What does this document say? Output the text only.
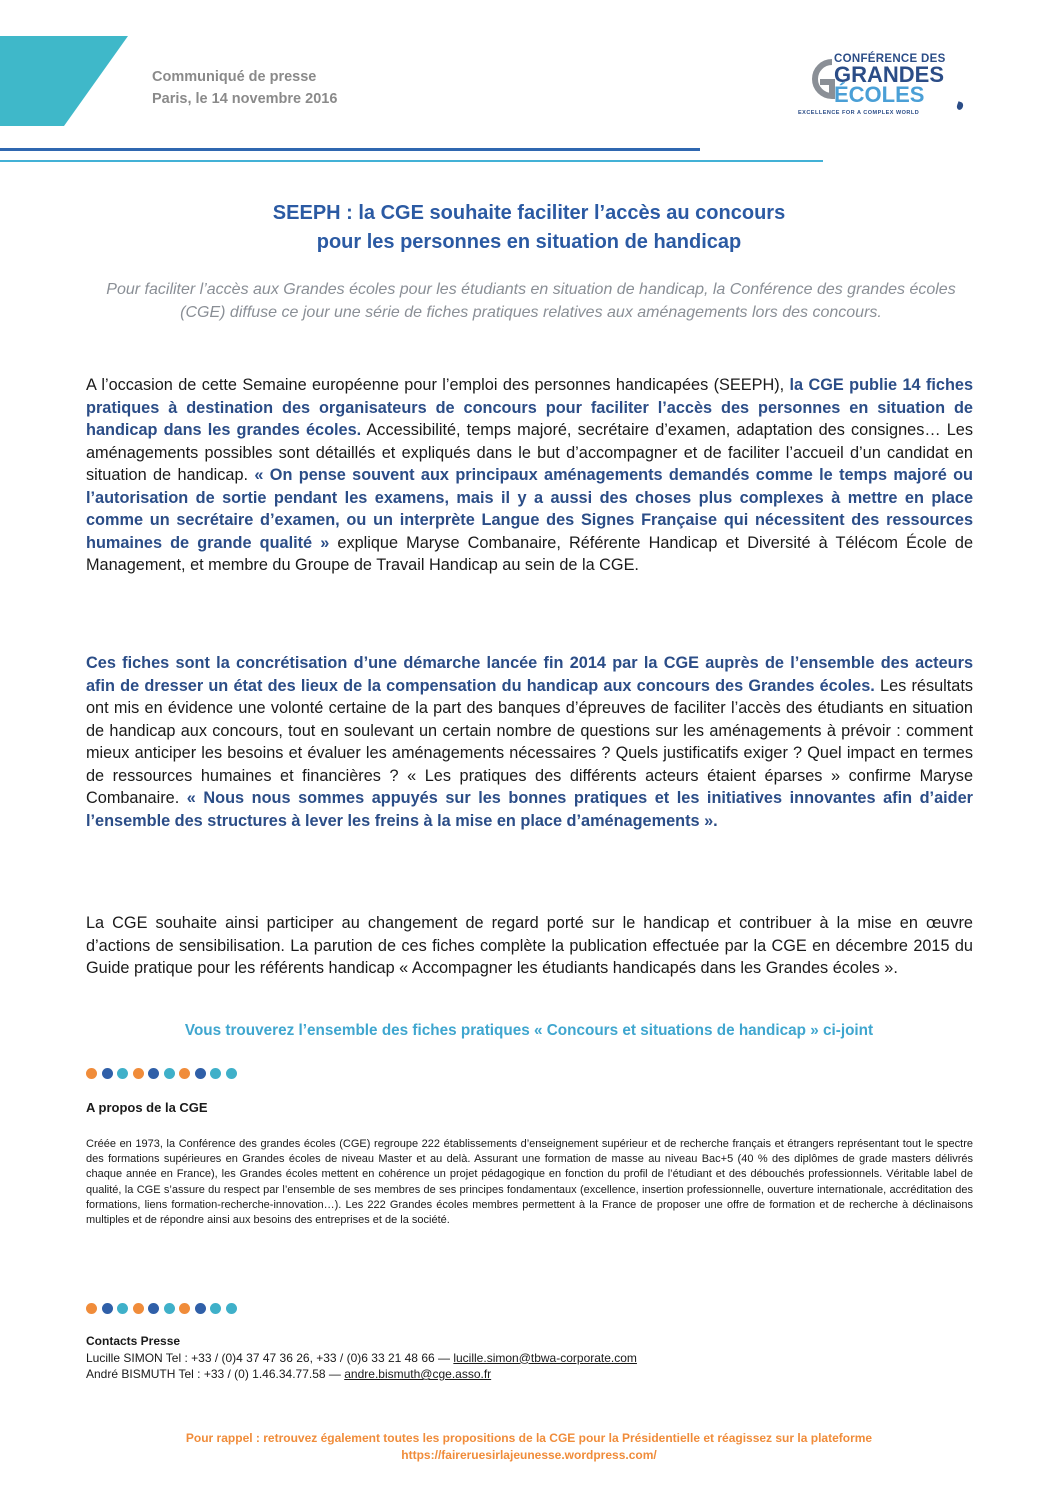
Communiqué de presse
Paris, le 14 novembre 2016
CONFÉRENCE DES
GRANDES
ÉCOLES
EXCELLENCE FOR A COMPLEX WORLD
SEEPH : la CGE souhaite faciliter l’accès au concours
pour les personnes en situation de handicap
Pour faciliter l’accès aux Grandes écoles pour les étudiants en situation de handicap, la Conférence des grandes écoles (CGE) diffuse ce jour une série de fiches pratiques relatives aux aménagements lors des concours.
A l’occasion de cette Semaine européenne pour l’emploi des personnes handicapées (SEEPH), la CGE publie 14 fiches pratiques à destination des organisateurs de concours pour faciliter l’accès des personnes en situation de handicap dans les grandes écoles. Accessibilité, temps majoré, secrétaire d’examen, adaptation des consignes… Les aménagements possibles sont détaillés et expliqués dans le but d’accompagner et de faciliter l’accueil d’un candidat en situation de handicap. « On pense souvent aux principaux aménagements demandés comme le temps majoré ou l’autorisation de sortie pendant les examens, mais il y a aussi des choses plus complexes à mettre en place comme un secrétaire d’examen, ou un interprète Langue des Signes Française qui nécessitent des ressources humaines de grande qualité » explique Maryse Combanaire, Référente Handicap et Diversité à Télécom École de Management, et membre du Groupe de Travail Handicap au sein de la CGE.
Ces fiches sont la concrétisation d’une démarche lancée fin 2014 par la CGE auprès de l’ensemble des acteurs afin de dresser un état des lieux de la compensation du handicap aux concours des Grandes écoles. Les résultats ont mis en évidence une volonté certaine de la part des banques d’épreuves de faciliter l’accès des étudiants en situation de handicap aux concours, tout en soulevant un certain nombre de questions sur les aménagements à prévoir : comment mieux anticiper les besoins et évaluer les aménagements nécessaires ? Quels justificatifs exiger ? Quel impact en termes de ressources humaines et financières ? « Les pratiques des différents acteurs étaient éparses » confirme Maryse Combanaire. « Nous nous sommes appuyés sur les bonnes pratiques et les initiatives innovantes afin d’aider l’ensemble des structures à lever les freins à la mise en place d’aménagements ».
La CGE souhaite ainsi participer au changement de regard porté sur le handicap et contribuer à la mise en œuvre d’actions de sensibilisation. La parution de ces fiches complète la publication effectuée par la CGE en décembre 2015 du Guide pratique pour les référents handicap « Accompagner les étudiants handicapés dans les Grandes écoles ».
Vous trouverez l’ensemble des fiches pratiques « Concours et situations de handicap » ci-joint
A propos de la CGE
Créée en 1973, la Conférence des grandes écoles (CGE) regroupe 222 établissements d’enseignement supérieur et de recherche français et étrangers représentant tout le spectre des formations supérieures en Grandes écoles de niveau Master et au delà. Assurant une formation de masse au niveau Bac+5 (40 % des diplômes de grade masters délivrés chaque année en France), les Grandes écoles mettent en cohérence un projet pédagogique en fonction du profil de l’étudiant et des débouchés professionnels. Véritable label de qualité, la CGE s’assure du respect par l’ensemble de ses membres de ses principes fondamentaux (excellence, insertion professionnelle, ouverture internationale, accréditation des formations, liens formation-recherche-innovation…). Les 222 Grandes écoles membres permettent à la France de proposer une offre de formation et de recherche à déclinaisons multiples et de répondre ainsi aux besoins des entreprises et de la société.
Contacts Presse
Lucille SIMON Tel : +33 / (0)4 37 47 36 26, +33 / (0)6 33 21 48 66 — lucille.simon@tbwa-corporate.com
André BISMUTH Tel : +33 / (0) 1.46.34.77.58 — andre.bismuth@cge.asso.fr
Pour rappel : retrouvez également toutes les propositions de la CGE pour la Présidentielle et réagissez sur la plateforme
https://faireruesirlajeunesse.wordpress.com/
